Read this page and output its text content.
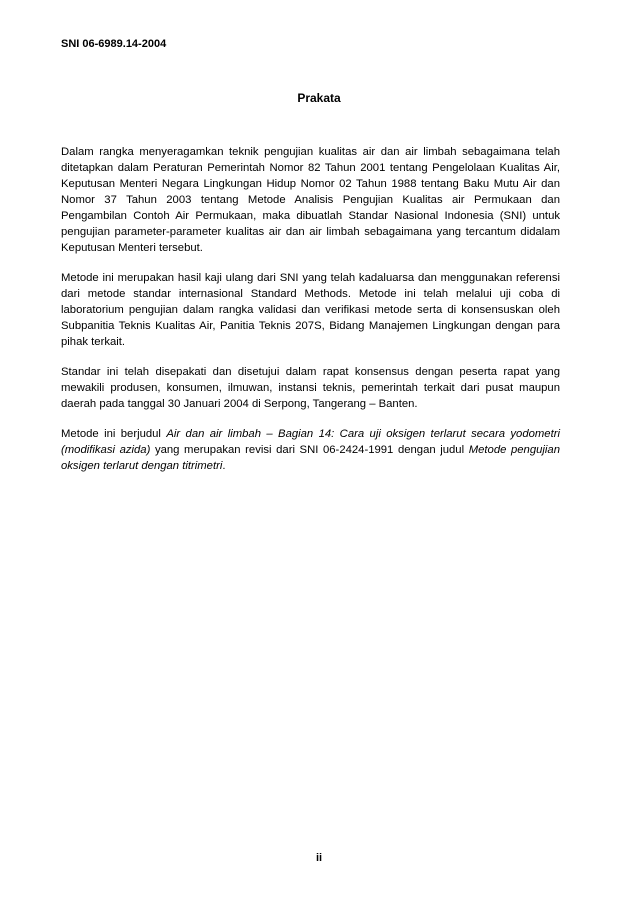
SNI 06-6989.14-2004
Prakata

Dalam rangka menyeragamkan teknik pengujian kualitas air dan air limbah sebagaimana telah ditetapkan dalam Peraturan Pemerintah Nomor 82 Tahun 2001 tentang Pengelolaan Kualitas Air, Keputusan Menteri Negara Lingkungan Hidup Nomor 02 Tahun 1988 tentang Baku Mutu Air dan Nomor 37 Tahun 2003 tentang Metode Analisis Pengujian Kualitas air Permukaan dan Pengambilan Contoh Air Permukaan, maka dibuatlah Standar Nasional Indonesia (SNI) untuk pengujian parameter-parameter kualitas air dan air limbah sebagaimana yang tercantum didalam Keputusan Menteri tersebut.

Metode ini merupakan hasil kaji ulang dari SNI yang telah kadaluarsa dan menggunakan referensi dari metode standar internasional Standard Methods. Metode ini telah melalui uji coba di laboratorium pengujian dalam rangka validasi dan verifikasi metode serta di konsensuskan oleh Subpanitia Teknis Kualitas Air, Panitia Teknis 207S, Bidang Manajemen Lingkungan dengan para pihak terkait.

Standar ini telah disepakati dan disetujui dalam rapat konsensus dengan peserta rapat yang mewakili produsen, konsumen, ilmuwan, instansi teknis, pemerintah terkait dari pusat maupun daerah pada tanggal 30 Januari 2004 di Serpong, Tangerang – Banten.

Metode ini berjudul Air dan air limbah – Bagian 14: Cara uji oksigen terlarut secara yodometri (modifikasi azida) yang merupakan revisi dari SNI 06-2424-1991 dengan judul Metode pengujian oksigen terlarut dengan titrimetri.

ii
